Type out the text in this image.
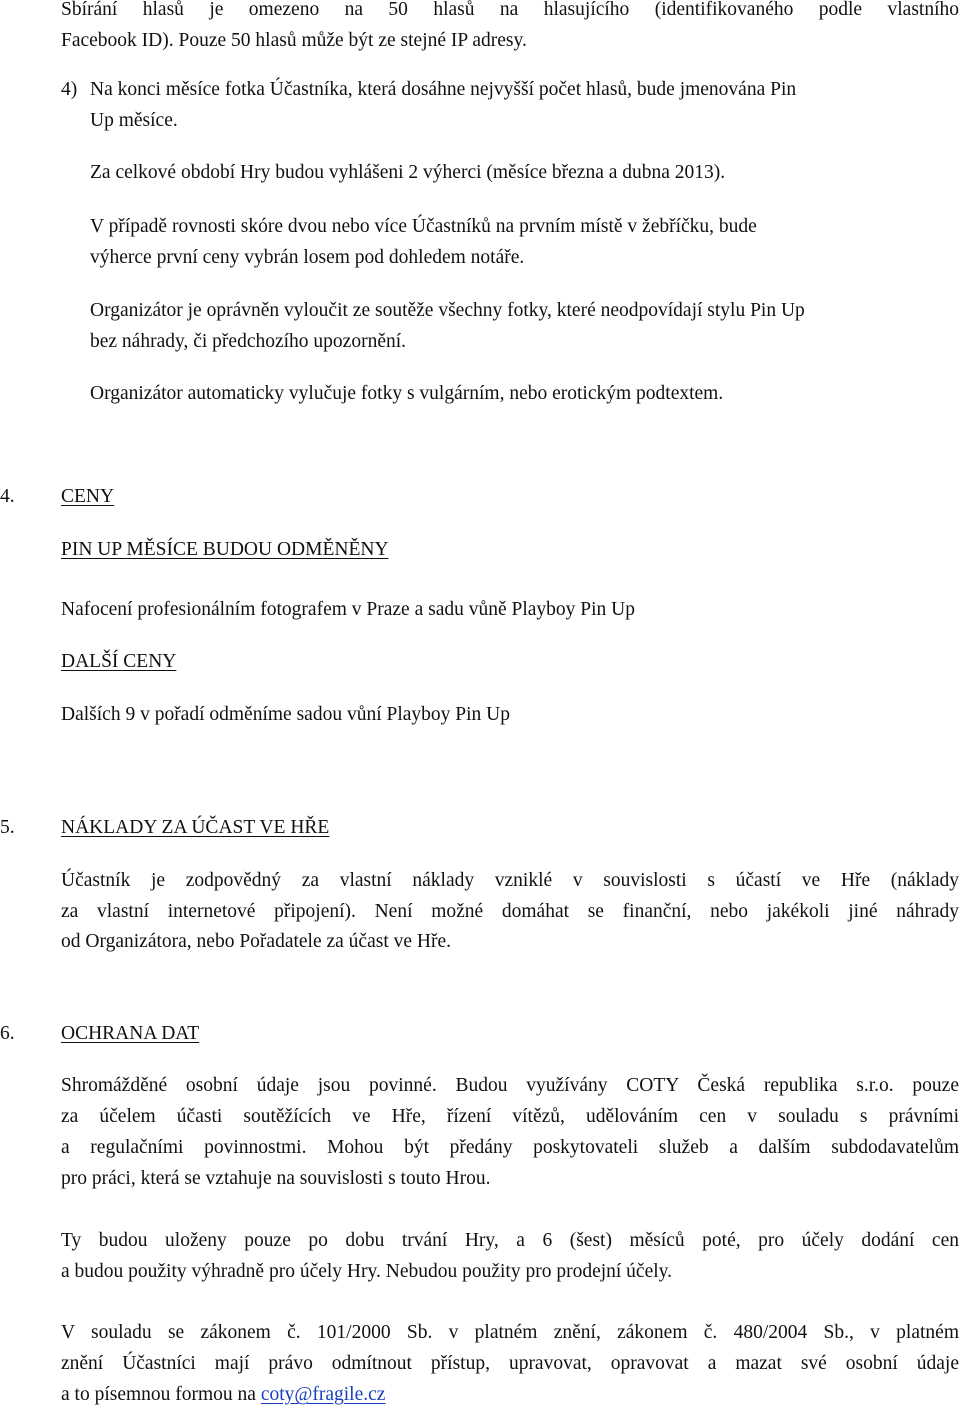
Sbírání hlasů je omezeno na 50 hlasů na hlasujícího (identifikovaného podle vlastního

Facebook ID). Pouze 50 hlasů může být ze stejné IP adresy.

4) Na konci měsíce fotka Účastníka, která dosáhne nejvyšší počet hlasů, bude jmenována Pin

Up měsíce.

Za celkové období Hry budou vyhlášeni 2 výherci (měsíce března a dubna 2013).

V případě rovnosti skóre dvou nebo více Účastníků na prvním místě v žebříčku, bude

výherce první ceny vybrán losem pod dohledem notáře.

Organizátor je oprávněn vyloučit ze soutěže všechny fotky, které neodpovídají stylu Pin Up

bez náhrady, či předchozího upozornění.

Organizátor automaticky vylučuje fotky s vulgárním, nebo erotickým podtextem.

4. CENY

PIN UP MĚSÍCE BUDOU ODMĚNĚNY

Nafocení profesionálním fotografem v Praze a sadu vůně Playboy Pin Up

DALŠÍ CENY

Dalších 9 v pořadí odměníme sadou vůní Playboy Pin Up

5. NÁKLADY ZA ÚČAST VE HŘE

Účastník je zodpovědný za vlastní náklady vzniklé v souvislosti s účastí ve Hře (náklady

za vlastní internetové připojení). Není možné domáhat se finanční, nebo jakékoli jiné náhrady

od Organizátora, nebo Pořadatele za účast ve Hře.

6. OCHRANA DAT

Shromážděné osobní údaje jsou povinné. Budou využívány COTY Česká republika s.r.o. pouze

za účelem účasti soutěžících ve Hře, řízení vítězů, udělováním cen v souladu s právními

a regulačními povinnostmi. Mohou být předány poskytovateli služeb a dalším subdodavatelům

pro práci, která se vztahuje na souvislosti s touto Hrou.

Ty budou uloženy pouze po dobu trvání Hry, a 6 (šest) měsíců poté, pro účely dodání cen

a budou použity výhradně pro účely Hry. Nebudou použity pro prodejní účely.

V souladu se zákonem č. 101/2000 Sb. v platném znění, zákonem č. 480/2004 Sb., v platném

znění Účastníci mají právo odmítnout přístup, upravovat, opravovat a mazat své osobní údaje

a to písemnou formou na coty@fragile.cz
